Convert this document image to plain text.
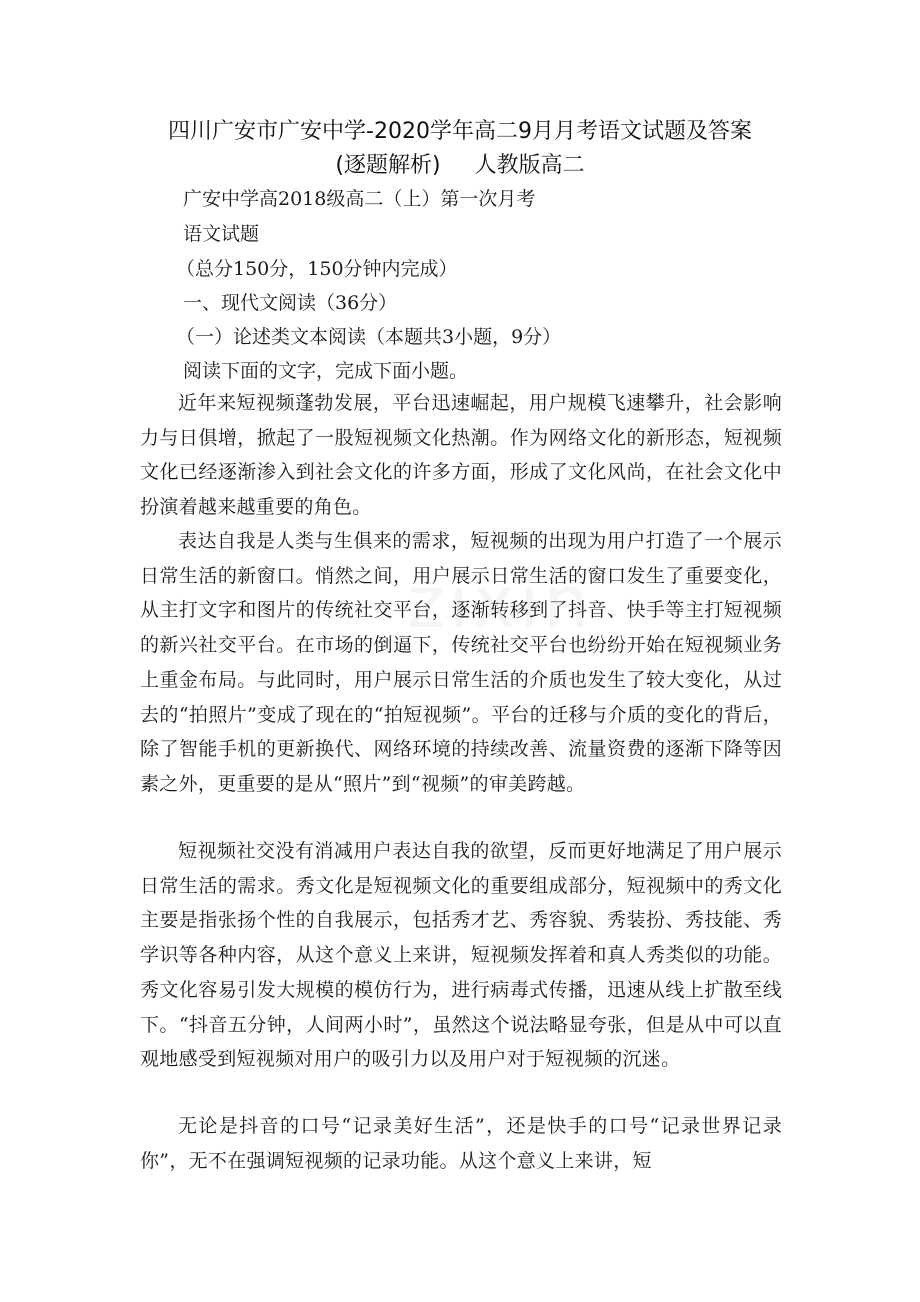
zixin
四川广安市广安中学-2020学年高二9月月考语文试题及答案
(逐题解析) 人教版高二
广安中学高2018级高二（上）第一次月考
语文试题
（总分150分，150分钟内完成）
一、现代文阅读（36分）
（一）论述类文本阅读（本题共3小题，9分）
阅读下面的文字，完成下面小题。
近年来短视频蓬勃发展，平台迅速崛起，用户规模飞速攀升，社会影响力与日俱增，掀起了一股短视频文化热潮。作为网络文化的新形态，短视频文化已经逐渐渗入到社会文化的许多方面，形成了文化风尚，在社会文化中扮演着越来越重要的角色。
表达自我是人类与生俱来的需求，短视频的出现为用户打造了一个展示日常生活的新窗口。悄然之间，用户展示日常生活的窗口发生了重要变化，从主打文字和图片的传统社交平台，逐渐转移到了抖音、快手等主打短视频的新兴社交平台。在市场的倒逼下，传统社交平台也纷纷开始在短视频业务上重金布局。与此同时，用户展示日常生活的介质也发生了较大变化，从过去的“拍照片”变成了现在的“拍短视频”。平台的迁移与介质的变化的背后，除了智能手机的更新换代、网络环境的持续改善、流量资费的逐渐下降等因素之外，更重要的是从“照片”到“视频”的审美跨越。
短视频社交没有消减用户表达自我的欲望，反而更好地满足了用户展示日常生活的需求。秀文化是短视频文化的重要组成部分，短视频中的秀文化主要是指张扬个性的自我展示，包括秀才艺、秀容貌、秀装扮、秀技能、秀学识等各种内容，从这个意义上来讲，短视频发挥着和真人秀类似的功能。秀文化容易引发大规模的模仿行为，进行病毒式传播，迅速从线上扩散至线下。“抖音五分钟，人间两小时”，虽然这个说法略显夸张，但是从中可以直观地感受到短视频对用户的吸引力以及用户对于短视频的沉迷。
无论是抖音的口号“记录美好生活”，还是快手的口号“记录世界记录你”，无不在强调短视频的记录功能。从这个意义上来讲，短
